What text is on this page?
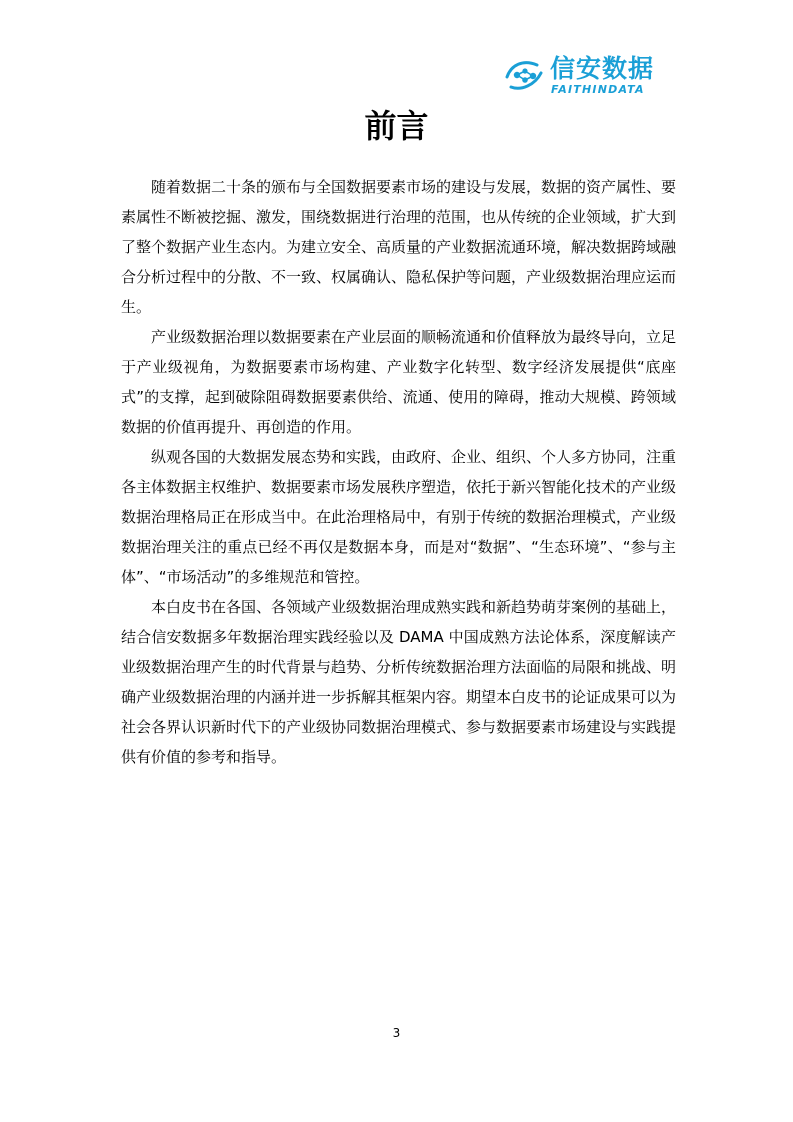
信安数据
FAITHINDATA
前言

随着数据二十条的颁布与全国数据要素市场的建设与发展，数据的资产属性、要素属性不断被挖掘、激发，围绕数据进行治理的范围，也从传统的企业领域，扩大到了整个数据产业生态内。为建立安全、高质量的产业数据流通环境，解决数据跨域融合分析过程中的分散、不一致、权属确认、隐私保护等问题，产业级数据治理应运而生。

产业级数据治理以数据要素在产业层面的顺畅流通和价值释放为最终导向，立足于产业级视角，为数据要素市场构建、产业数字化转型、数字经济发展提供“底座式”的支撑，起到破除阻碍数据要素供给、流通、使用的障碍，推动大规模、跨领域数据的价值再提升、再创造的作用。

纵观各国的大数据发展态势和实践，由政府、企业、组织、个人多方协同，注重各主体数据主权维护、数据要素市场发展秩序塑造，依托于新兴智能化技术的产业级数据治理格局正在形成当中。在此治理格局中，有别于传统的数据治理模式，产业级数据治理关注的重点已经不再仅是数据本身，而是对“数据”、“生态环境”、“参与主体”、“市场活动”的多维规范和管控。

本白皮书在各国、各领域产业级数据治理成熟实践和新趋势萌芽案例的基础上，结合信安数据多年数据治理实践经验以及 DAMA 中国成熟方法论体系，深度解读产业级数据治理产生的时代背景与趋势、分析传统数据治理方法面临的局限和挑战、明确产业级数据治理的内涵并进一步拆解其框架内容。期望本白皮书的论证成果可以为社会各界认识新时代下的产业级协同数据治理模式、参与数据要素市场建设与实践提供有价值的参考和指导。

3
